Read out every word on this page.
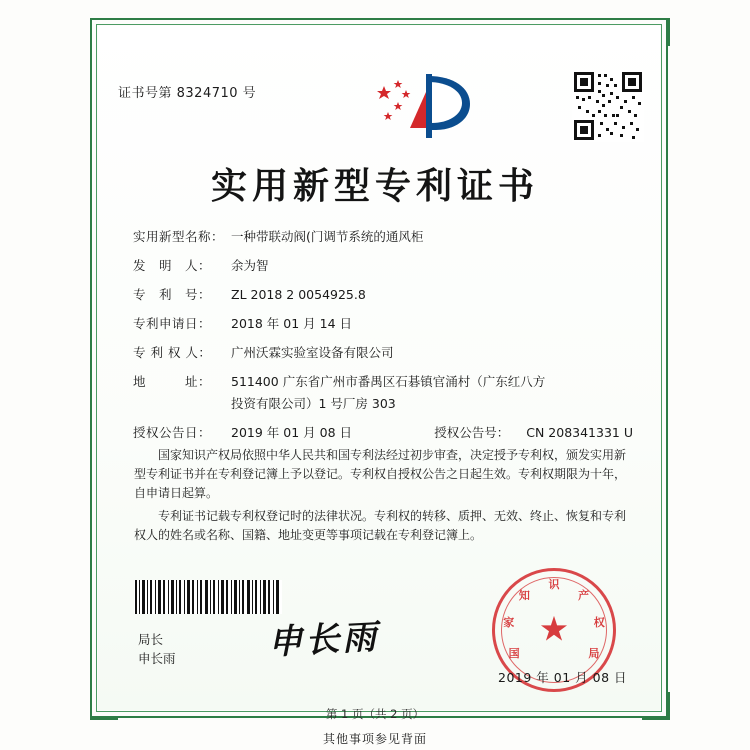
证书号第 8324710 号
实用新型专利证书
实用新型名称： 一种带联动阀(门调节系统的通风柜
发　明　人：	余为智
专　利　号：	ZL 2018 2 0054925.8
专利申请日：	2018 年 01 月 14 日
专 利 权 人：	广州沃霖实验室设备有限公司
地　　　址：	511400 广东省广州市番禺区石碁镇官涌村（广东红八方
投资有限公司）1 号厂房 303
授权公告日：	2019 年 01 月 08 日	授权公告号：	CN 208341331 U

国家知识产权局依照中华人民共和国专利法经过初步审查，决定授予专利权，颁发实用新型专利证书并在专利登记簿上予以登记。专利权自授权公告之日起生效。专利权期限为十年，自申请日起算。

专利证书记载专利权登记时的法律状况。专利权的转移、质押、无效、终止、恢复和专利权人的姓名或名称、国籍、地址变更等事项记载在专利登记簿上。

局长
申长雨	申长雨	★
国
家
知
识
产
权
局
2019 年 01 月 08 日
第 1 页（共 2 页）
其他事项参见背面
